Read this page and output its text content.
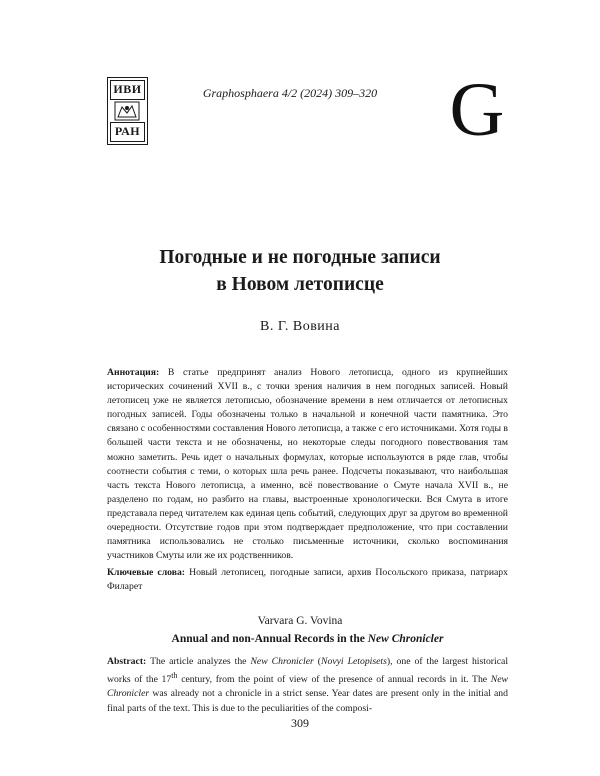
ИВИ
РАН
Graphosphaera 4/2 (2024) 309–320 G
Погодные и не погодные записи
в Новом летописце
В. Г. Вовина
Аннотация: В статье предпринят анализ Нового летописца, одного из крупнейших исторических сочинений XVII в., с точки зрения наличия в нем погодных записей. Новый летописец уже не является летописью, обозначение времени в нем отличается от летописных погодных записей. Годы обозначены только в начальной и конечной части памятника. Это связано с особенностями составления Нового летописца, а также с его источниками. Хотя годы в большей части текста и не обозначены, но некоторые следы погодного повествования там можно заметить. Речь идет о начальных формулах, которые используются в ряде глав, чтобы соотнести события с теми, о которых шла речь ранее. Подсчеты показывают, что наибольшая часть текста Нового летописца, а именно, всё повествование о Смуте начала XVII в., не разделено по годам, но разбито на главы, выстроенные хронологически. Вся Смута в итоге представала перед читателем как единая цепь событий, следующих друг за другом во временной очередности. Отсутствие годов при этом подтверждает предположение, что при составлении памятника использовались не столько письменные источники, сколько воспоминания участников Смуты или же их родственников.
Ключевые слова: Новый летописец, погодные записи, архив Посольского приказа, патриарх Филарет
Varvara G. Vovina
Annual and non-Annual Records in the New Chronicler
Abstract: The article analyzes the New Chronicler (Novyi Letopisets), one of the largest historical works of the 17th century, from the point of view of the presence of annual records in it. The New Chronicler was already not a chronicle in a strict sense. Year dates are present only in the initial and final parts of the text. This is due to the peculiarities of the composi-
309
